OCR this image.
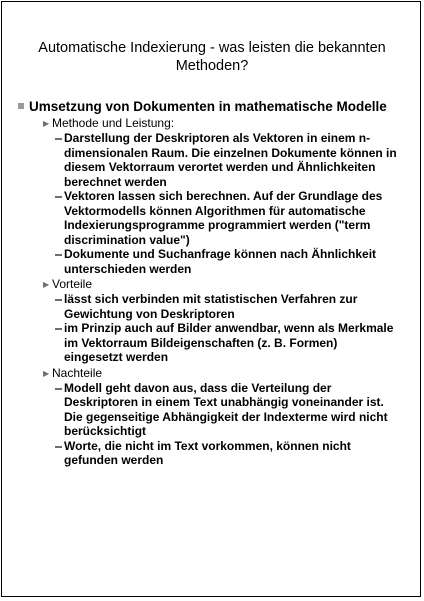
Automatische Indexierung - was leisten die bekannten Methoden?
Umsetzung von Dokumenten in mathematische Modelle
▶ Methode und Leistung:
Darstellung der Deskriptoren als Vektoren in einem n-dimensionalen Raum. Die einzelnen Dokumente können in diesem Vektorraum verortet werden und Ähnlichkeiten berechnet werden
Vektoren lassen sich berechnen. Auf der Grundlage des Vektormodells können Algorithmen für automatische Indexierungsprogramme programmiert werden ("term discrimination value")
Dokumente und Suchanfrage können nach Ähnlichkeit unterschieden werden
▶ Vorteile
lässt sich verbinden mit statistischen Verfahren zur Gewichtung von Deskriptoren
im Prinzip auch auf Bilder anwendbar, wenn als Merkmale im Vektorraum Bildeigenschaften (z. B. Formen) eingesetzt werden
▶ Nachteile
Modell geht davon aus, dass die Verteilung der Deskriptoren in einem Text unabhängig voneinander ist. Die gegenseitige Abhängigkeit der Indexterme wird nicht berücksichtigt
Worte, die nicht im Text vorkommen, können nicht gefunden werden
